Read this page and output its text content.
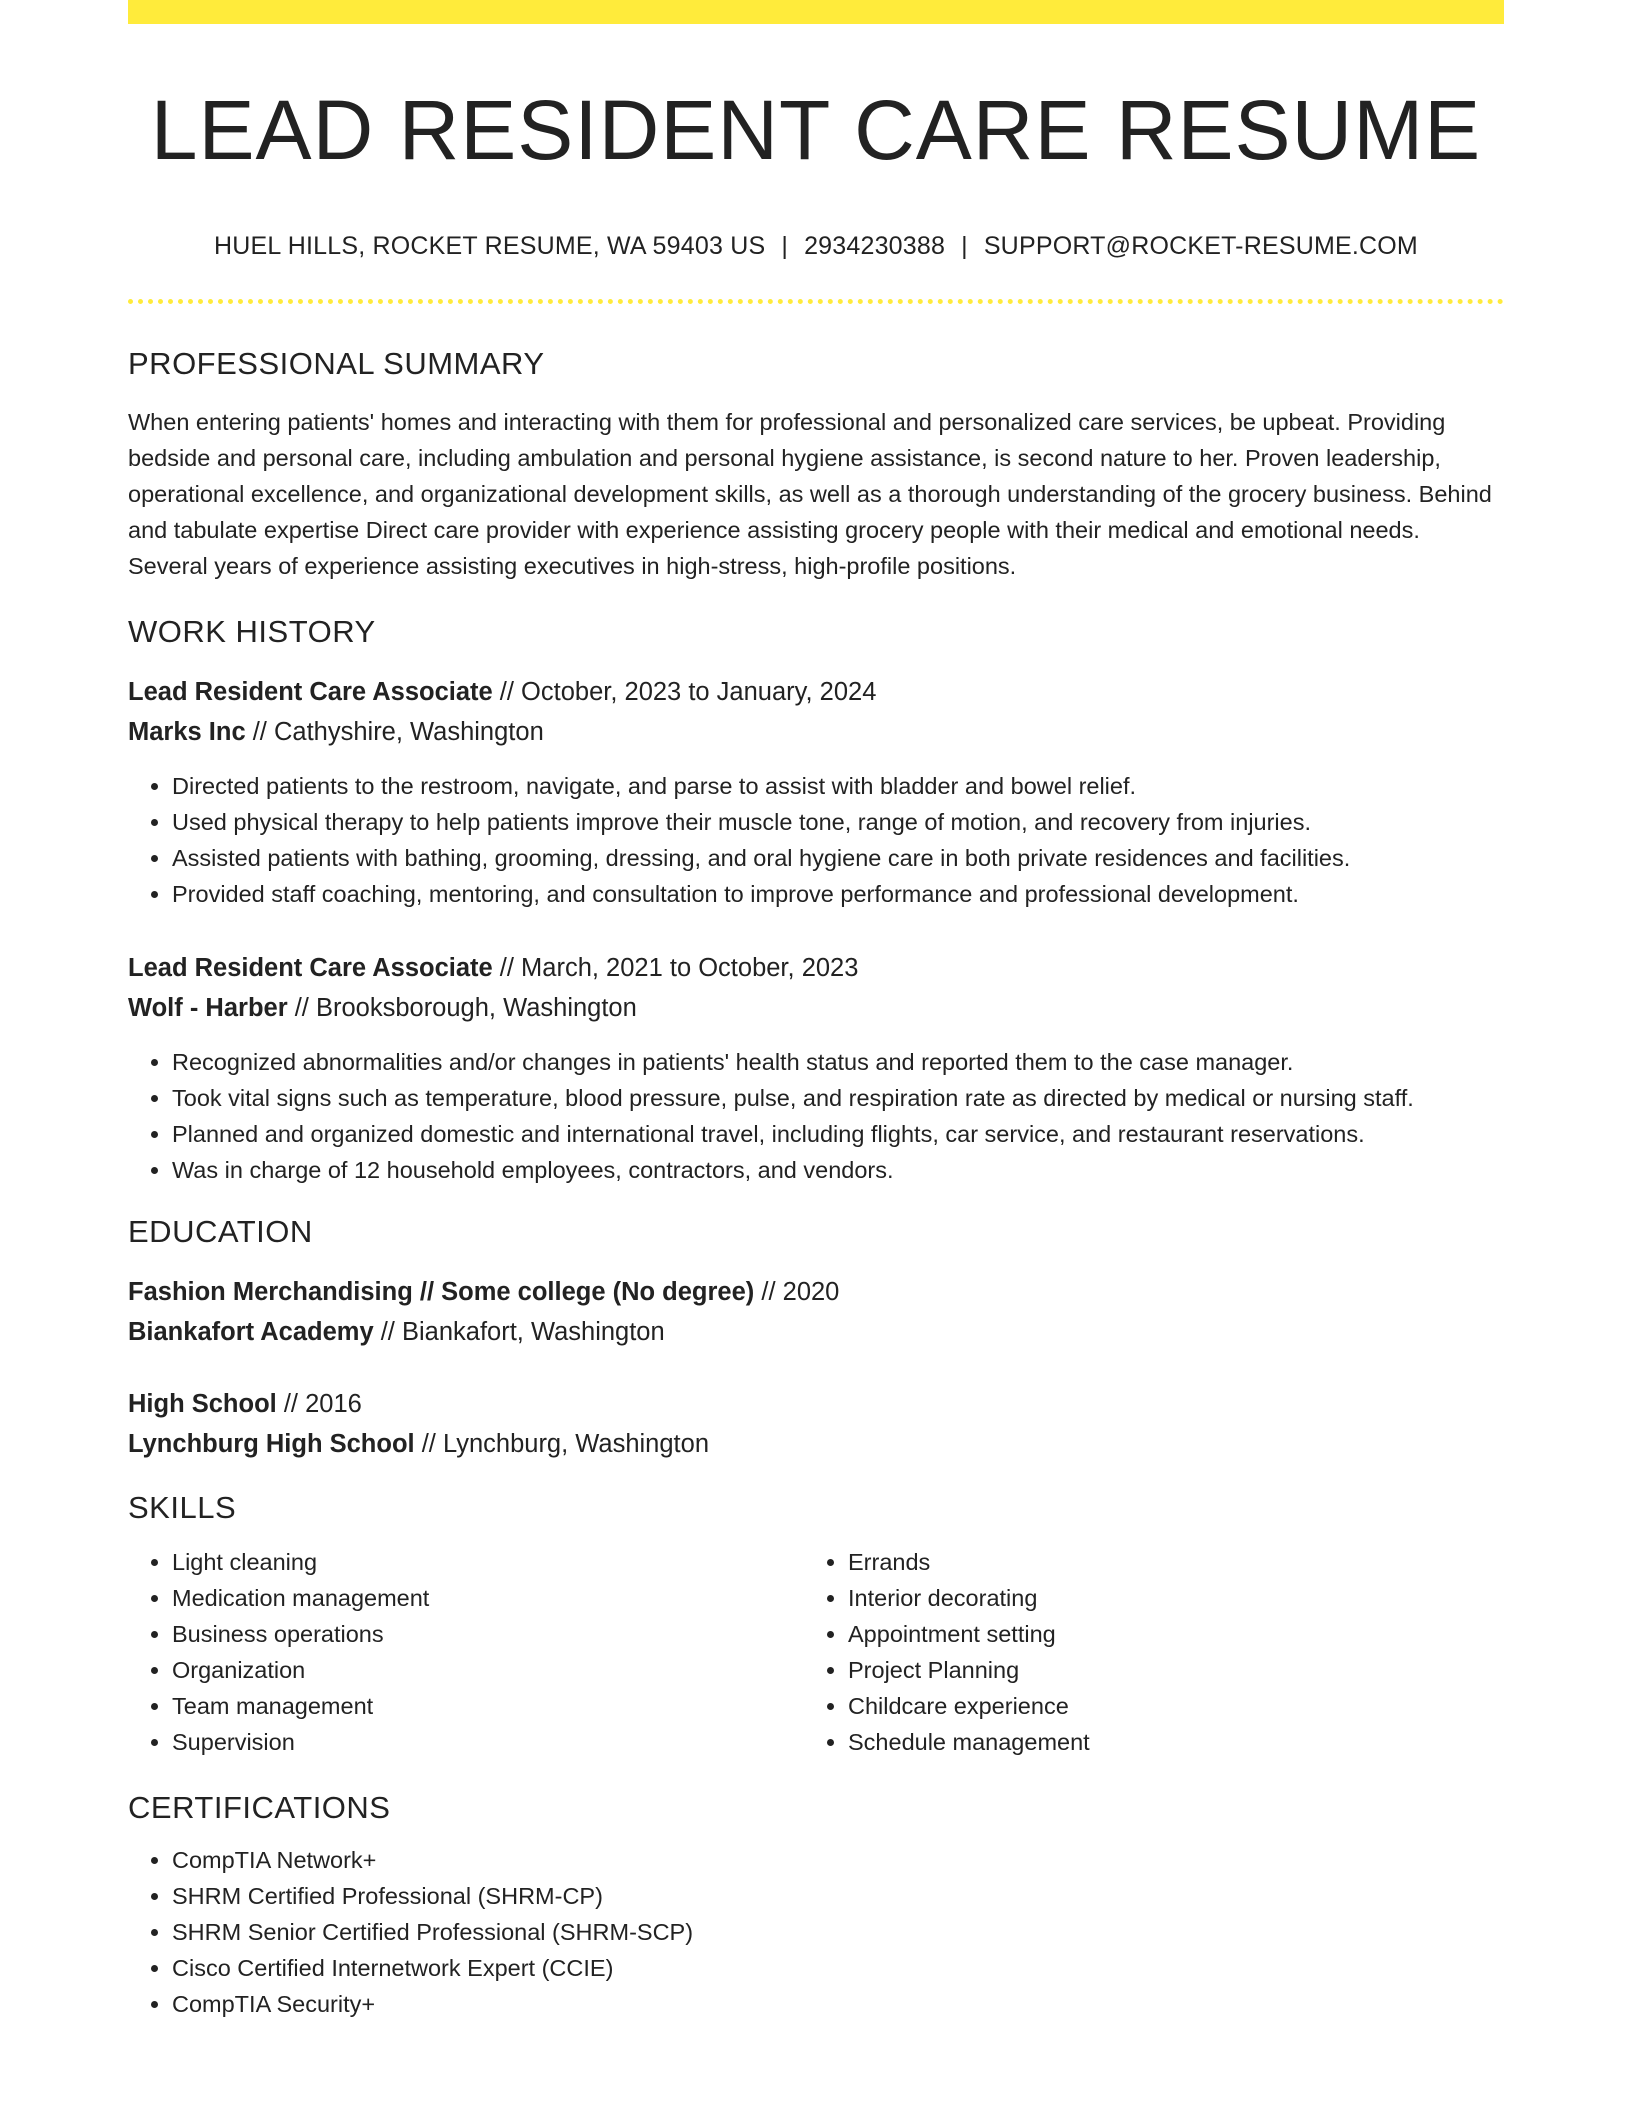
LEAD RESIDENT CARE RESUME
HUEL HILLS, ROCKET RESUME, WA 59403 US | 2934230388 | SUPPORT@ROCKET-RESUME.COM
PROFESSIONAL SUMMARY
When entering patients' homes and interacting with them for professional and personalized care services, be upbeat. Providing bedside and personal care, including ambulation and personal hygiene assistance, is second nature to her. Proven leadership, operational excellence, and organizational development skills, as well as a thorough understanding of the grocery business. Behind and tabulate expertise Direct care provider with experience assisting grocery people with their medical and emotional needs. Several years of experience assisting executives in high-stress, high-profile positions.
WORK HISTORY
Lead Resident Care Associate // October, 2023 to January, 2024
Marks Inc // Cathyshire, Washington
• Directed patients to the restroom, navigate, and parse to assist with bladder and bowel relief.
• Used physical therapy to help patients improve their muscle tone, range of motion, and recovery from injuries.
• Assisted patients with bathing, grooming, dressing, and oral hygiene care in both private residences and facilities.
• Provided staff coaching, mentoring, and consultation to improve performance and professional development.
Lead Resident Care Associate // March, 2021 to October, 2023
Wolf - Harber // Brooksborough, Washington
• Recognized abnormalities and/or changes in patients' health status and reported them to the case manager.
• Took vital signs such as temperature, blood pressure, pulse, and respiration rate as directed by medical or nursing staff.
• Planned and organized domestic and international travel, including flights, car service, and restaurant reservations.
• Was in charge of 12 household employees, contractors, and vendors.
EDUCATION
Fashion Merchandising // Some college (No degree) // 2020
Biankafort Academy // Biankafort, Washington
High School // 2016
Lynchburg High School // Lynchburg, Washington
SKILLS
• Light cleaning
• Medication management
• Business operations
• Organization
• Team management
• Supervision
• Errands
• Interior decorating
• Appointment setting
• Project Planning
• Childcare experience
• Schedule management
CERTIFICATIONS
• CompTIA Network+
• SHRM Certified Professional (SHRM-CP)
• SHRM Senior Certified Professional (SHRM-SCP)
• Cisco Certified Internetwork Expert (CCIE)
• CompTIA Security+
